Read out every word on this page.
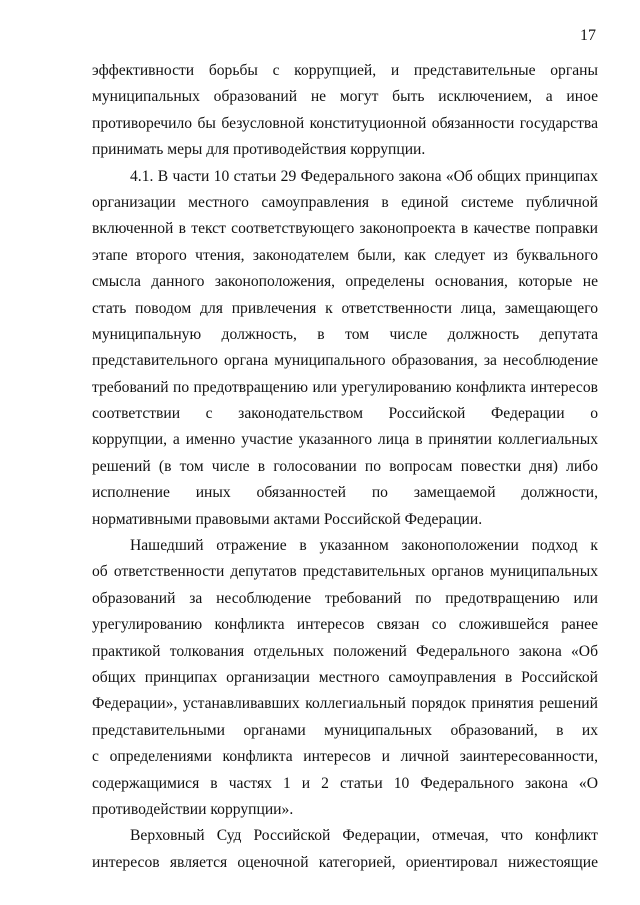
17
эффективности борьбы с коррупцией, и представительные органы
муниципальных образований не могут быть исключением, а иное
противоречило бы безусловной конституционной обязанности государства
принимать меры для противодействия коррупции.
4.1. В части 10 статьи 29 Федерального закона «Об общих принципах
организации местного самоуправления в единой системе публичной
включенной в текст соответствующего законопроекта в качестве поправки
этапе второго чтения, законодателем были, как следует из буквального
смысла данного законоположения, определены основания, которые не
стать поводом для привлечения к ответственности лица, замещающего
муниципальную должность, в том числе должность депутата
представительного органа муниципального образования, за несоблюдение
требований по предотвращению или урегулированию конфликта интересов
соответствии с законодательством Российской Федерации о
коррупции, а именно участие указанного лица в принятии коллегиальных
решений (в том числе в голосовании по вопросам повестки дня) либо
исполнение иных обязанностей по замещаемой должности,
нормативными правовыми актами Российской Федерации.
Нашедший отражение в указанном законоположении подход к
об ответственности депутатов представительных органов муниципальных
образований за несоблюдение требований по предотвращению или
урегулированию конфликта интересов связан со сложившейся ранее
практикой толкования отдельных положений Федерального закона «Об
общих принципах организации местного самоуправления в Российской
Федерации», устанавливавших коллегиальный порядок принятия решений
представительными органами муниципальных образований, в их
с определениями конфликта интересов и личной заинтересованности,
содержащимися в частях 1 и 2 статьи 10 Федерального закона «О
противодействии коррупции».
Верховный Суд Российской Федерации, отмечая, что конфликт
интересов является оценочной категорией, ориентировал нижестоящие
